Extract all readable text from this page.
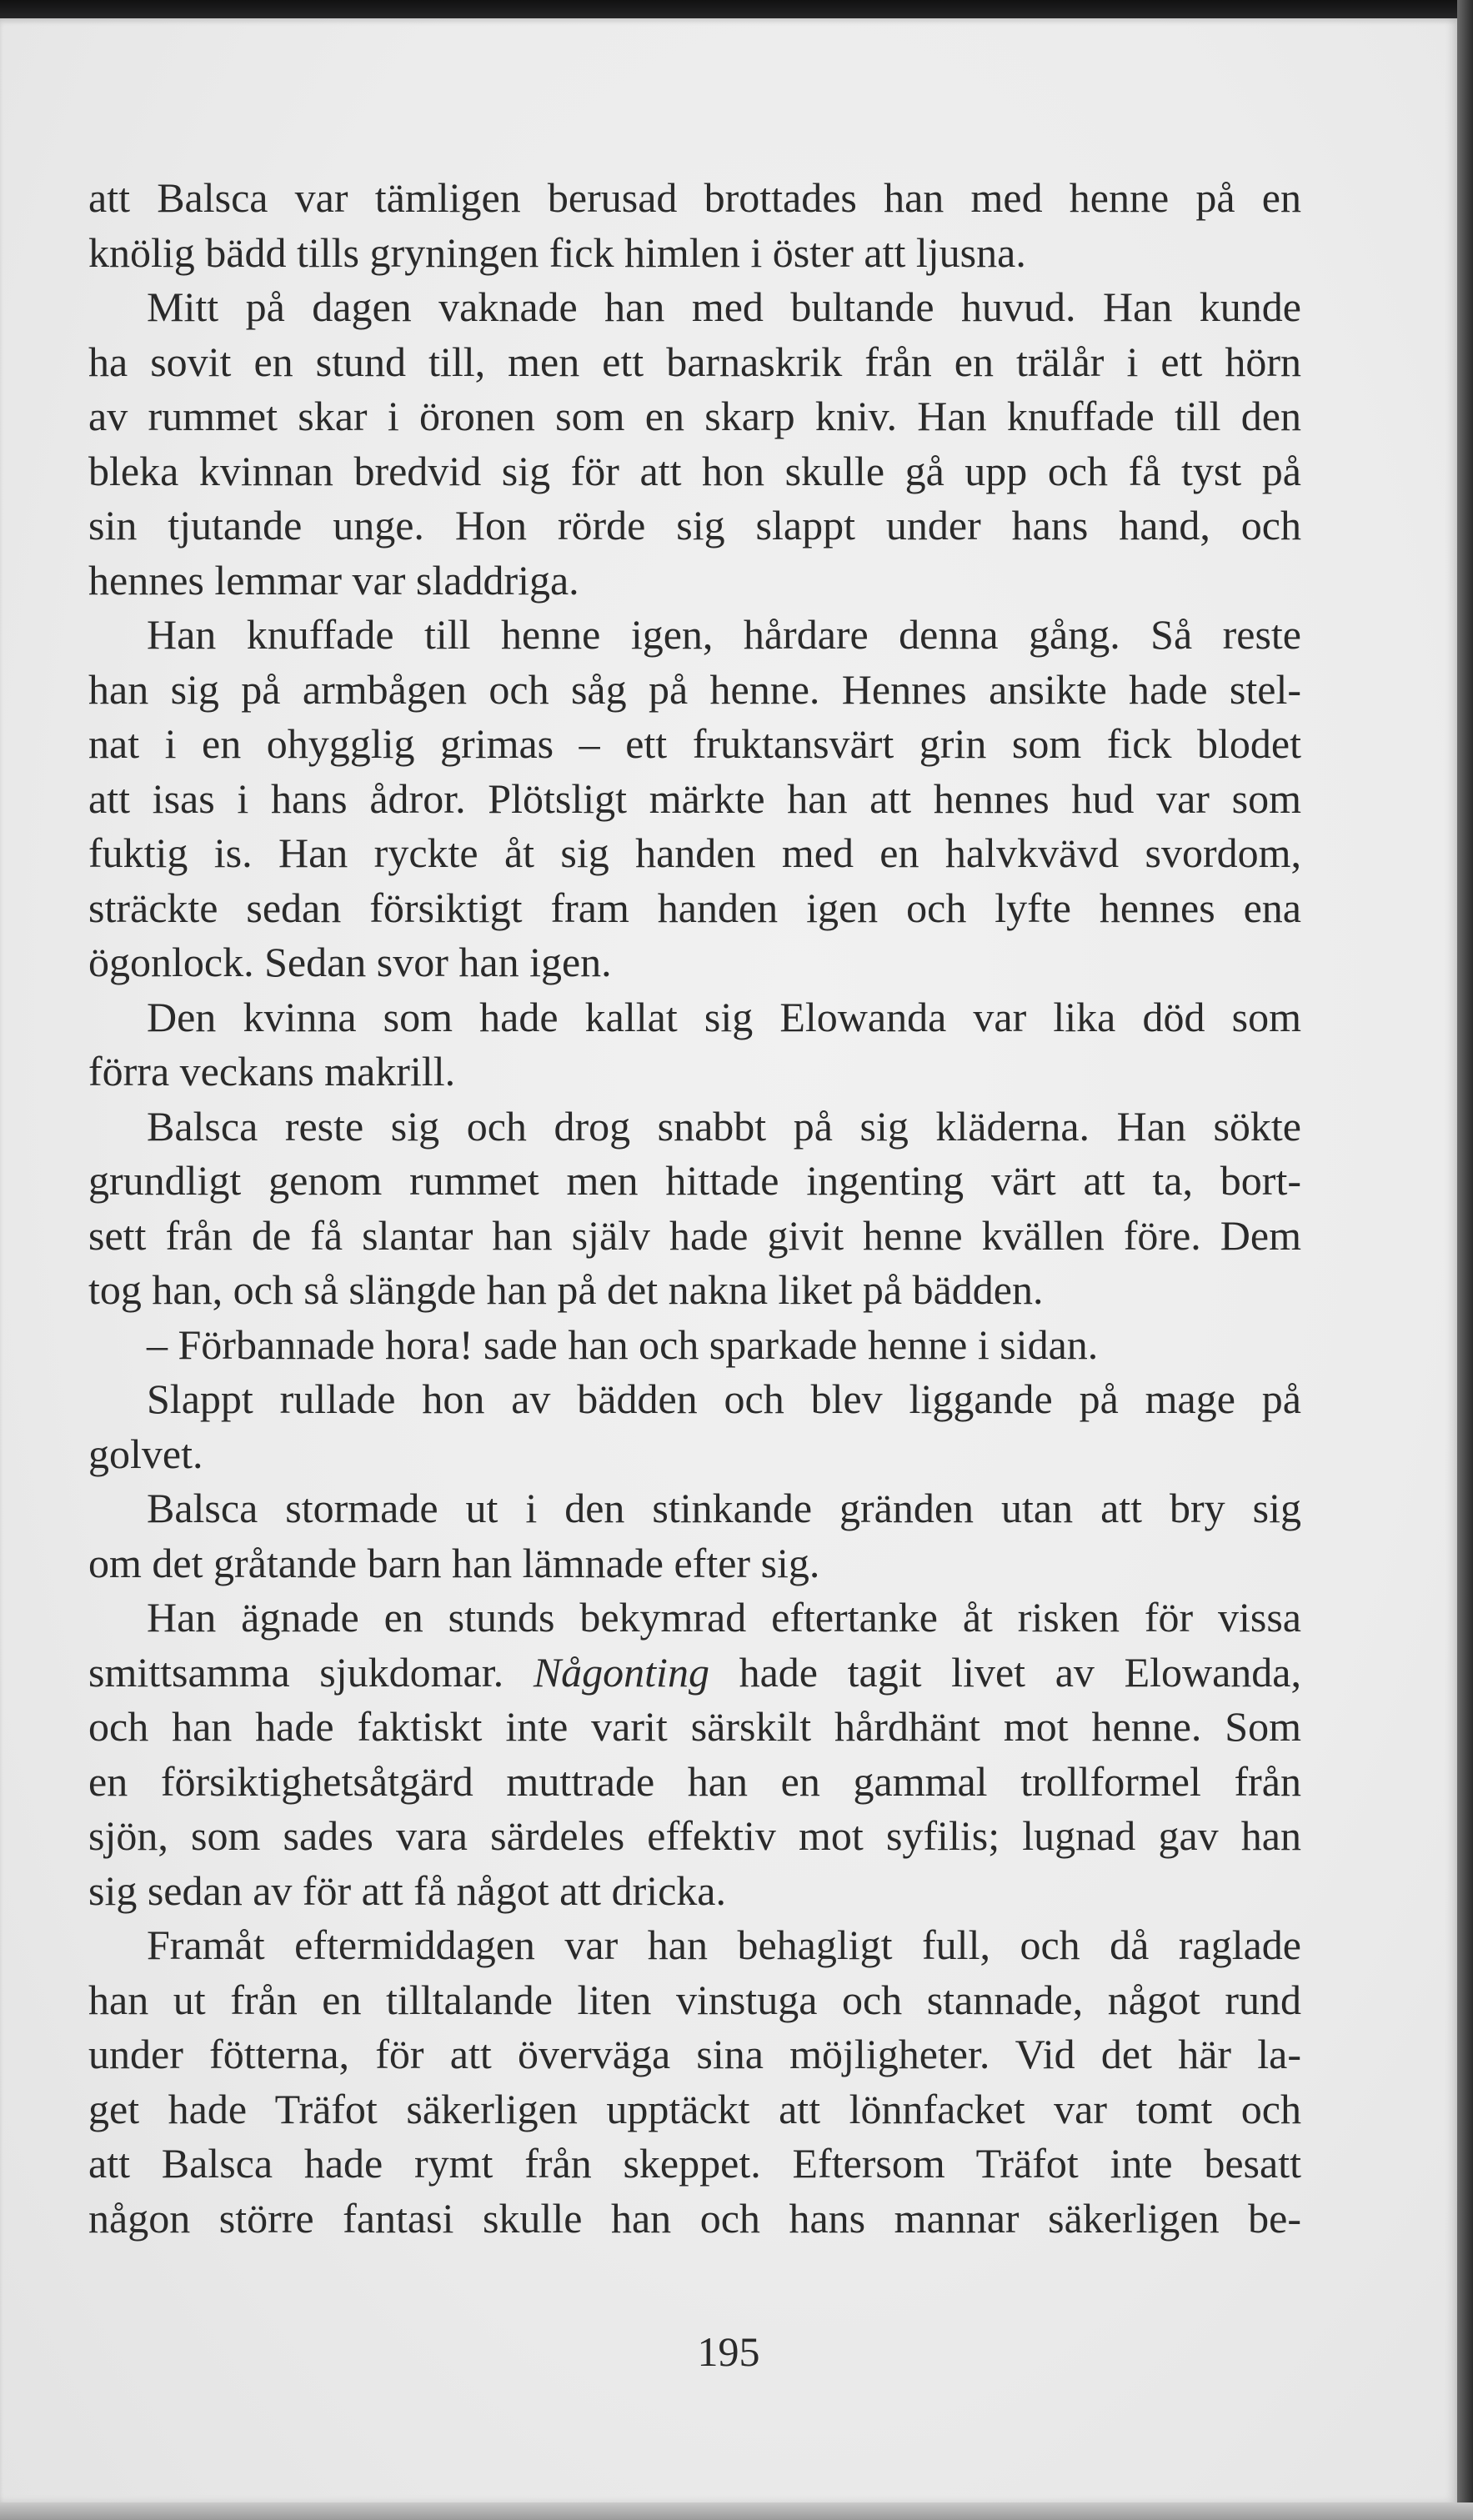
att Balsca var tämligen berusad brottades han med henne på en
knölig bädd tills gryningen fick himlen i öster att ljusna.
Mitt på dagen vaknade han med bultande huvud. Han kunde
ha sovit en stund till, men ett barnaskrik från en trälår i ett hörn
av rummet skar i öronen som en skarp kniv. Han knuffade till den
bleka kvinnan bredvid sig för att hon skulle gå upp och få tyst på
sin tjutande unge. Hon rörde sig slappt under hans hand, och
hennes lemmar var sladdriga.
Han knuffade till henne igen, hårdare denna gång. Så reste
han sig på armbågen och såg på henne. Hennes ansikte hade stel-
nat i en ohygglig grimas – ett fruktansvärt grin som fick blodet
att isas i hans ådror. Plötsligt märkte han att hennes hud var som
fuktig is. Han ryckte åt sig handen med en halvkvävd svordom,
sträckte sedan försiktigt fram handen igen och lyfte hennes ena
ögonlock. Sedan svor han igen.
Den kvinna som hade kallat sig Elowanda var lika död som
förra veckans makrill.
Balsca reste sig och drog snabbt på sig kläderna. Han sökte
grundligt genom rummet men hittade ingenting värt att ta, bort-
sett från de få slantar han själv hade givit henne kvällen före. Dem
tog han, och så slängde han på det nakna liket på bädden.
– Förbannade hora! sade han och sparkade henne i sidan.
Slappt rullade hon av bädden och blev liggande på mage på
golvet.
Balsca stormade ut i den stinkande gränden utan att bry sig
om det gråtande barn han lämnade efter sig.
Han ägnade en stunds bekymrad eftertanke åt risken för vissa
smittsamma sjukdomar. Någonting hade tagit livet av Elowanda,
och han hade faktiskt inte varit särskilt hårdhänt mot henne. Som
en försiktighetsåtgärd muttrade han en gammal trollformel från
sjön, som sades vara särdeles effektiv mot syfilis; lugnad gav han
sig sedan av för att få något att dricka.
Framåt eftermiddagen var han behagligt full, och då raglade
han ut från en tilltalande liten vinstuga och stannade, något rund
under fötterna, för att överväga sina möjligheter. Vid det här la-
get hade Träfot säkerligen upptäckt att lönnfacket var tomt och
att Balsca hade rymt från skeppet. Eftersom Träfot inte besatt
någon större fantasi skulle han och hans mannar säkerligen be-
195
